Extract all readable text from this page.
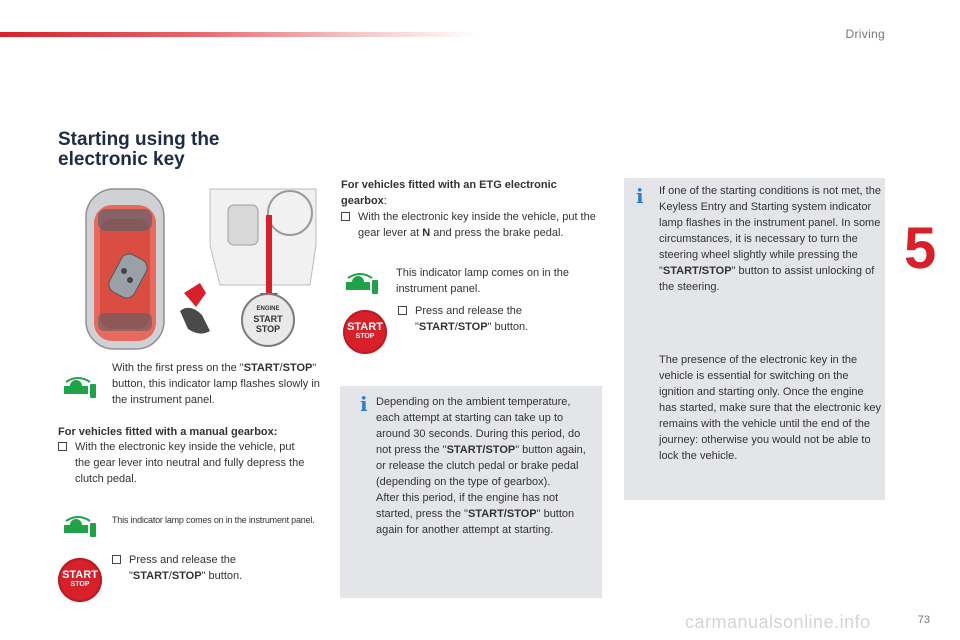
Driving
5
Starting using the
electronic key
ENGINE
START
STOP

With the first press on the "START/STOP" button, this indicator lamp flashes slowly in the instrument panel.

For vehicles fitted with a manual gearbox:

With the electronic key inside the vehicle, put the gear lever into neutral and fully depress the clutch pedal.

This indicator lamp comes on in the instrument panel.

START
STOP
Press and release the "START/STOP" button.

For vehicles fitted with an ETG electronic gearbox:

With the electronic key inside the vehicle, put the gear lever at N and press the brake pedal.

This indicator lamp comes on in the instrument panel.

START
STOP
Press and release the "START/STOP" button.
i Depending on the ambient temperature, each attempt at starting can take up to around 30 seconds. During this period, do not press the "START/STOP" button again, or release the clutch pedal or brake pedal (depending on the type of gearbox).
After this period, if the engine has not started, press the "START/STOP" button again for another attempt at starting.

i If one of the starting conditions is not met, the Keyless Entry and Starting system indicator lamp flashes in the instrument panel. In some circumstances, it is necessary to turn the steering wheel slightly while pressing the "START/STOP" button to assist unlocking of the steering.

The presence of the electronic key in the vehicle is essential for switching on the ignition and starting only. Once the engine has started, make sure that the electronic key remains with the vehicle until the end of the journey: otherwise you would not be able to lock the vehicle.

carmanualsonline.info	73
